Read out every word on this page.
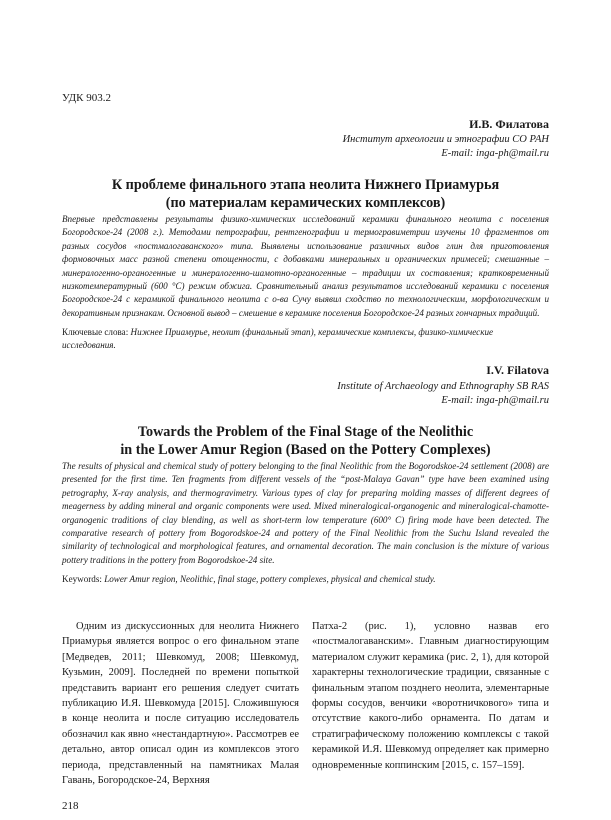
УДК 903.2
И.В. Филатова
Институт археологии и этнографии СО РАН
E-mail: inga-ph@mail.ru
К проблеме финального этапа неолита Нижнего Приамурья
(по материалам керамических комплексов)
Впервые представлены результаты физико-химических исследований керамики финального неолита с поселения Богородское-24 (2008 г.). Методами петрографии, рентгенографии и термогравиметрии изучены 10 фрагментов от разных сосудов «постмалогаванского» типа. Выявлены использование различных видов глин для приготовления формовочных масс разной степени отощенности, с добавками минеральных и органических примесей; смешанные – минералогенно-органогенные и минералогенно-шамотно-органогенные – традиции их составления; кратковременный низкотемпературный (600 °С) режим обжига. Сравнительный анализ результатов исследований керамики с поселения Богородское-24 с керамикой финального неолита с о-ва Сучу выявил сходство по технологическим, морфологическим и декоративным признакам. Основной вывод – смешение в керамике поселения Богородское-24 разных гончарных традиций.
Ключевые слова: Нижнее Приамурье, неолит (финальный этап), керамические комплексы, физико-химические исследования.
I.V. Filatova
Institute of Archaeology and Ethnography SB RAS
E-mail: inga-ph@mail.ru
Towards the Problem of the Final Stage of the Neolithic
in the Lower Amur Region (Based on the Pottery Complexes)
The results of physical and chemical study of pottery belonging to the final Neolithic from the Bogorodskoe-24 settlement (2008) are presented for the first time. Ten fragments from different vessels of the “post-Malaya Gavan” type have been examined using petrography, X-ray analysis, and thermogravimetry. Various types of clay for preparing molding masses of different degrees of meagerness by adding mineral and organic components were used. Mixed mineralogical-organogenic and mineralogical-chamotte-organogenic traditions of clay blending, as well as short-term low temperature (600° C) firing mode have been detected. The comparative research of pottery from Bogorodskoe-24 and pottery of the Final Neolithic from the Suchu Island revealed the similarity of technological and morphological features, and ornamental decoration. The main conclusion is the mixture of various pottery traditions in the pottery from Bogorodskoe-24 site.
Keywords: Lower Amur region, Neolithic, final stage, pottery complexes, physical and chemical study.

Одним из дискуссионных для неолита Нижнего Приамурья является вопрос о его финальном этапе [Медведев, 2011; Шевкомуд, 2008; Шевкомуд, Кузьмин, 2009]. Последней по времени попыткой представить вариант его решения следует считать публикацию И.Я. Шевкомуда [2015]. Сложившуюся в конце неолита и после ситуацию исследователь обозначил как явно «нестандартную». Рассмотрев ее детально, автор описал один из комплексов этого периода, представленный на памятниках Малая Гавань, Богородское-24, Верхняя

Патха-2 (рис. 1), условно назвав его «постмалогаванским». Главным диагностирующим материалом служит керамика (рис. 2, 1), для которой характерны технологические традиции, связанные с финальным этапом позднего неолита, элементарные формы сосудов, венчики «воротничкового» типа и отсутствие какого-либо орнамента. По датам и стратиграфическому положению комплексы с такой керамикой И.Я. Шевкомуд определяет как примерно одновременные коппинским [2015, с. 157–159].

218
